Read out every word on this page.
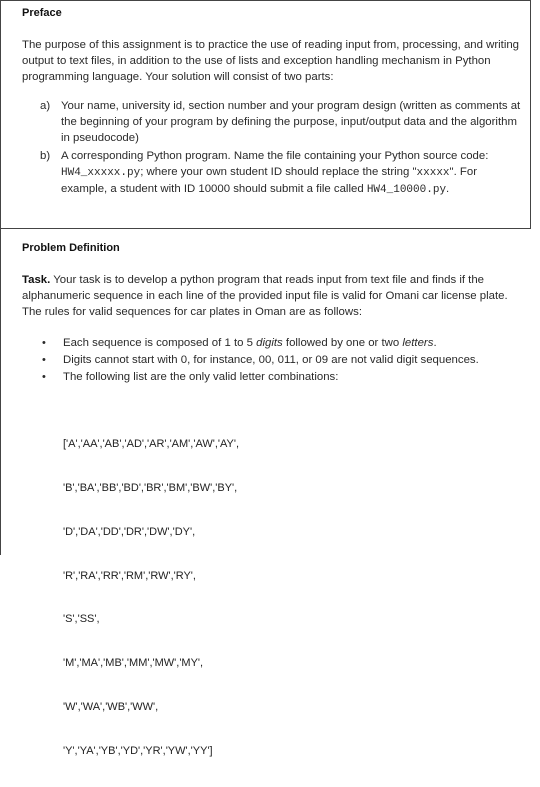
Preface
The purpose of this assignment is to practice the use of reading input from, processing, and writing output to text files, in addition to the use of lists and exception handling mechanism in Python programming language. Your solution will consist of two parts:
a) Your name, university id, section number and your program design (written as comments at the beginning of your program by defining the purpose, input/output data and the algorithm in pseudocode)
b) A corresponding Python program. Name the file containing your Python source code: HW4_xxxxx.py; where your own student ID should replace the string "xxxxx". For example, a student with ID 10000 should submit a file called HW4_10000.py.
Problem Definition
Task. Your task is to develop a python program that reads input from text file and finds if the alphanumeric sequence in each line of the provided input file is valid for Omani car license plate. The rules for valid sequences for car plates in Oman are as follows:
• Each sequence is composed of 1 to 5 digits followed by one or two letters.
• Digits cannot start with 0, for instance, 00, 011, or 09 are not valid digit sequences.
• The following list are the only valid letter combinations:

['A','AA','AB','AD','AR','AM','AW','AY',

'B','BA','BB','BD','BR','BM','BW','BY',

'D','DA','DD','DR','DW','DY',

'R','RA','RR','RM','RW','RY',

'S','SS',

'M','MA','MB','MM','MW','MY',

'W','WA','WB','WW',

'Y','YA','YB','YD','YR','YW','YY']
